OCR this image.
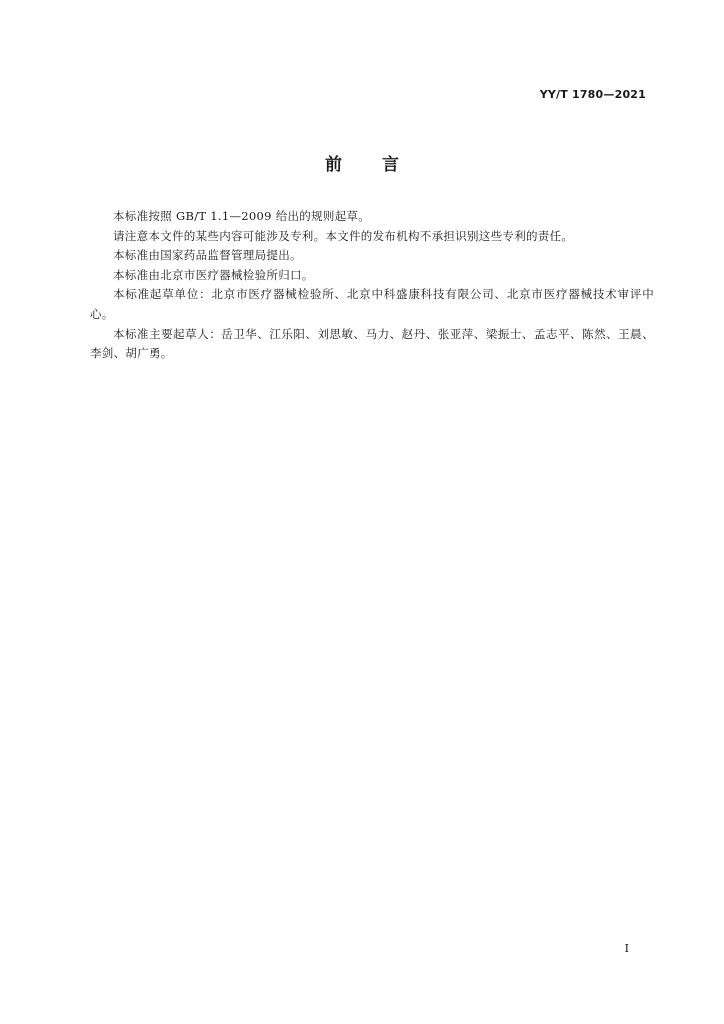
YY/T 1780—2021
前言

本标准按照 GB/T 1.1—2009 给出的规则起草。

请注意本文件的某些内容可能涉及专利。本文件的发布机构不承担识别这些专利的责任。

本标准由国家药品监督管理局提出。

本标准由北京市医疗器械检验所归口。

本标准起草单位：北京市医疗器械检验所、北京中科盛康科技有限公司、北京市医疗器械技术审评中心。

本标准主要起草人：岳卫华、江乐阳、刘思敏、马力、赵丹、张亚萍、梁振士、孟志平、陈然、王晨、李剑、胡广勇。

I
